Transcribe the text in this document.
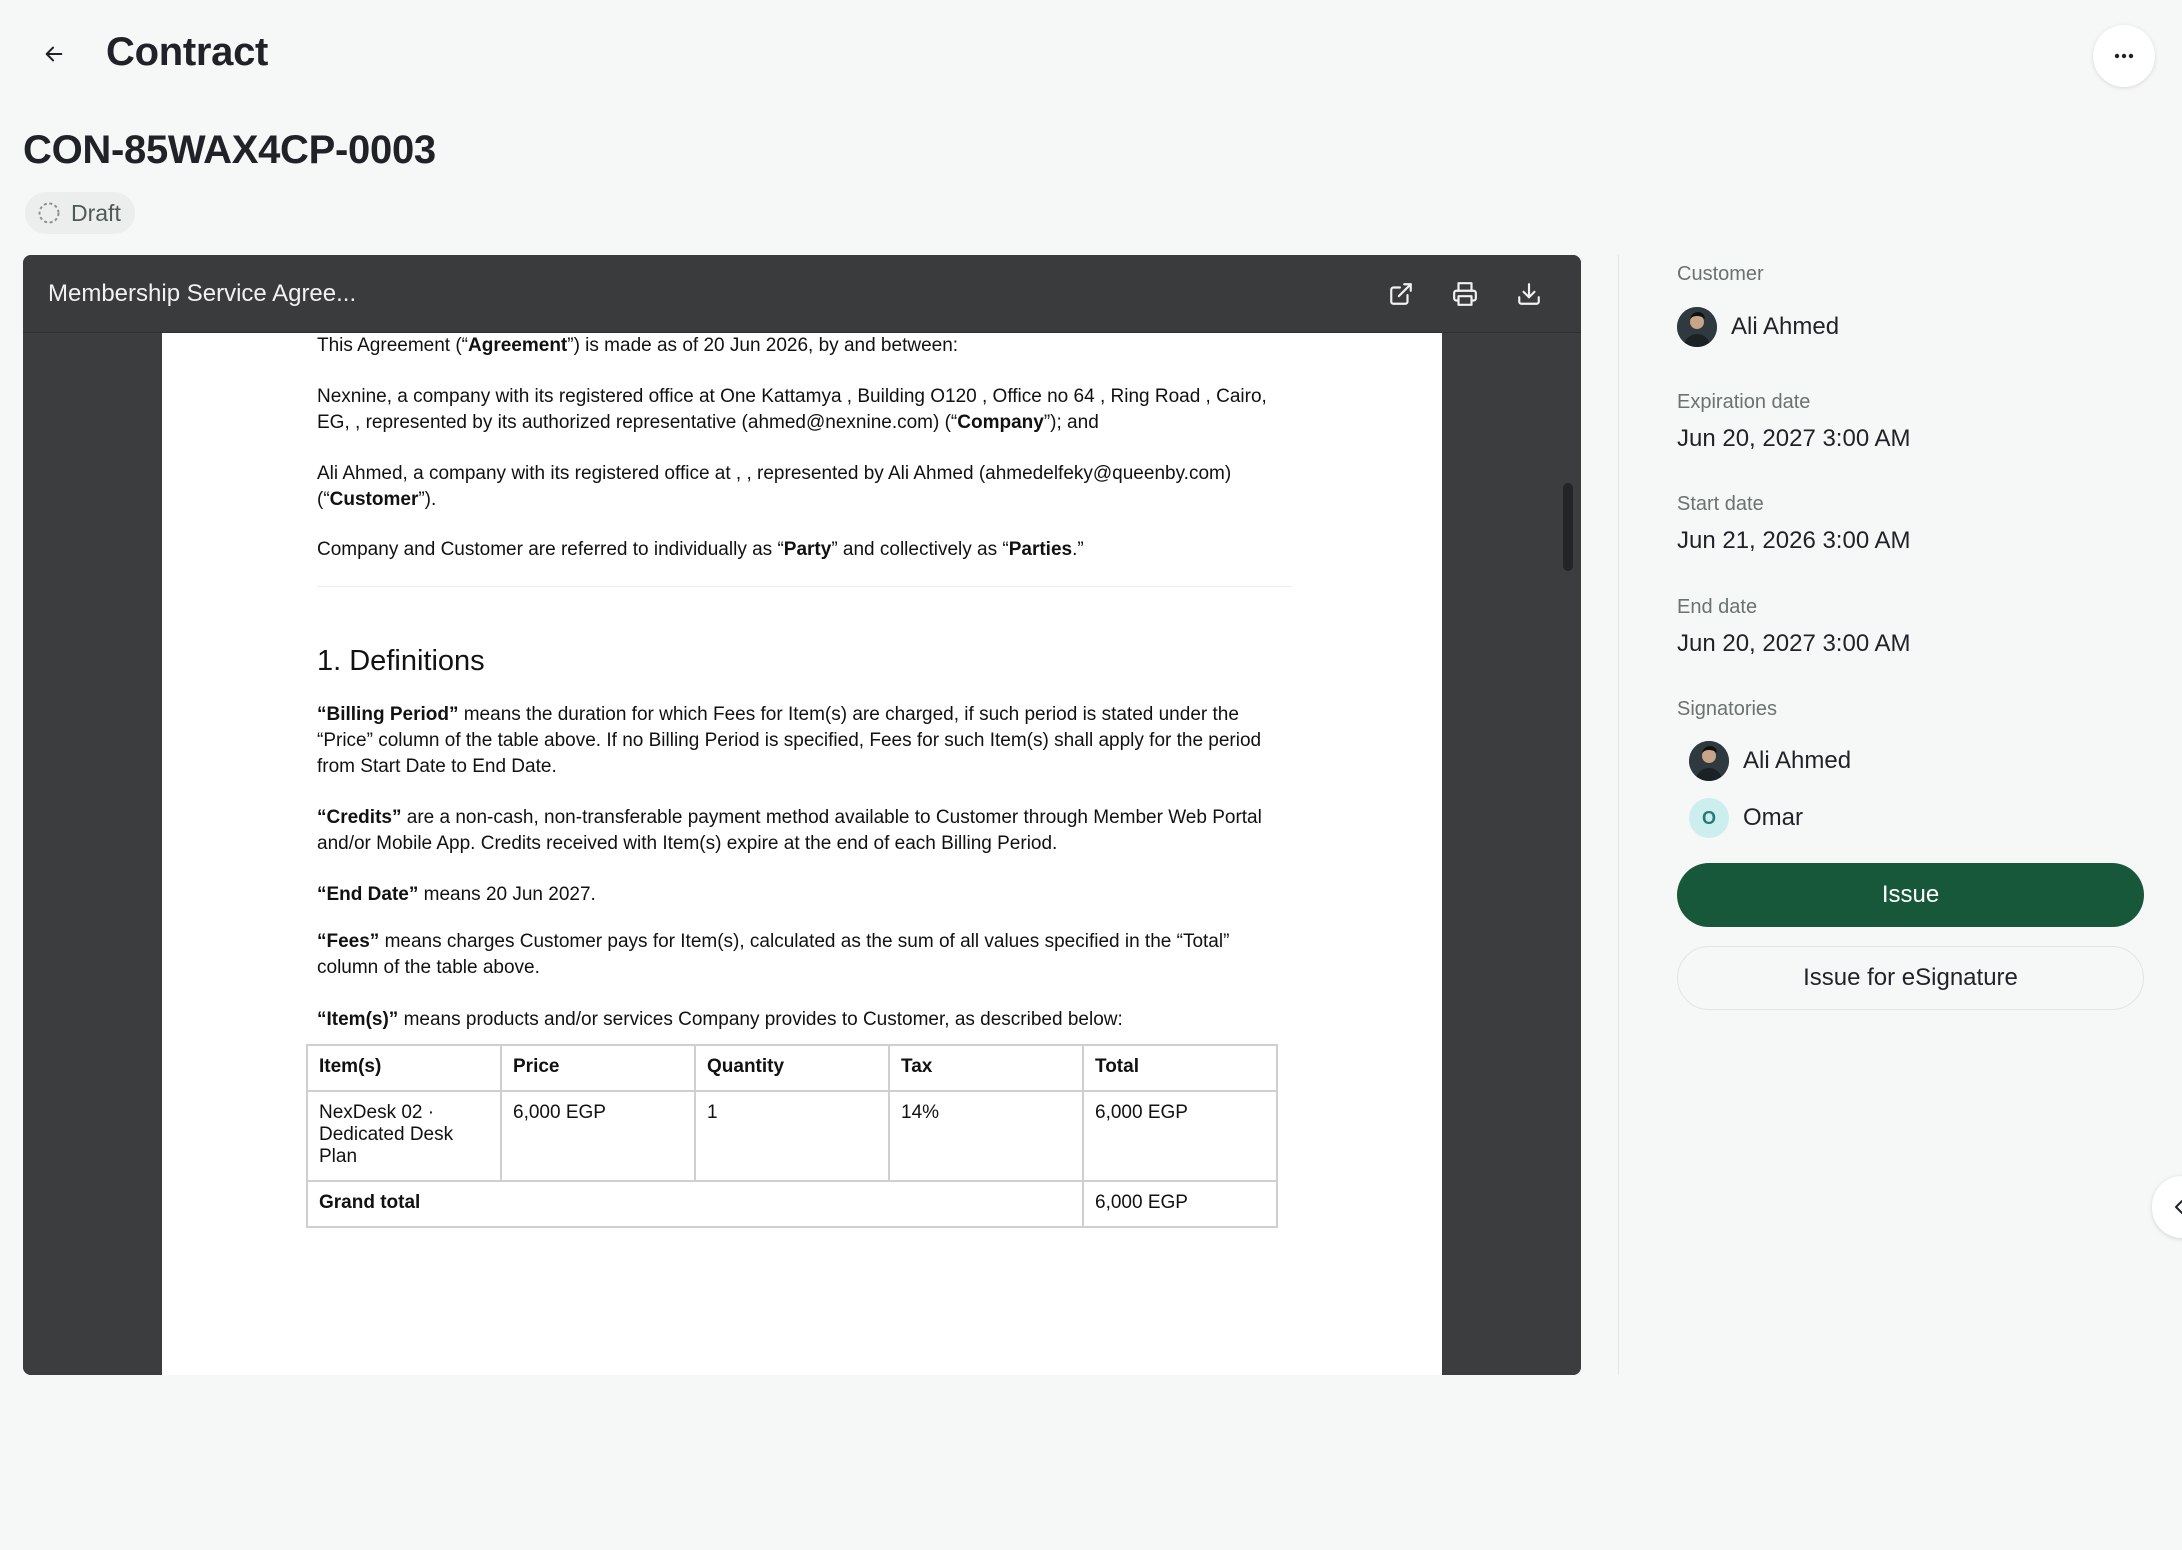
Contract
CON-85WAX4CP-0003
Draft
Membership Service Agree...

This Agreement (“Agreement”) is made as of 20 Jun 2026, by and between:

Nexnine, a company with its registered office at One Kattamya , Building O120 , Office no 64 , Ring Road , Cairo, EG, , represented by its authorized representative (ahmed@nexnine.com) (“Company”); and

Ali Ahmed, a company with its registered office at , , represented by Ali Ahmed (ahmedelfeky@queenby.com) (“Customer”).

Company and Customer are referred to individually as “Party” and collectively as “Parties.”

1. Definitions

“Billing Period” means the duration for which Fees for Item(s) are charged, if such period is stated under the “Price” column of the table above. If no Billing Period is specified, Fees for such Item(s) shall apply for the period from Start Date to End Date.

“Credits” are a non-cash, non-transferable payment method available to Customer through Member Web Portal and/or Mobile App. Credits received with Item(s) expire at the end of each Billing Period.

“End Date” means 20 Jun 2027.

“Fees” means charges Customer pays for Item(s), calculated as the sum of all values specified in the “Total” column of the table above.

“Item(s)” means products and/or services Company provides to Customer, as described below:

Item(s)	Price	Quantity	Tax	Total
NexDesk 02 · Dedicated Desk Plan	6,000 EGP	1	14%	6,000 EGP
Grand total				6,000 EGP
Customer
Ali Ahmed
Expiration date
Jun 20, 2027 3:00 AM
Start date
Jun 21, 2026 3:00 AM
End date
Jun 20, 2027 3:00 AM
Signatories
Ali Ahmed
O	Omar
Issue
Issue for eSignature
